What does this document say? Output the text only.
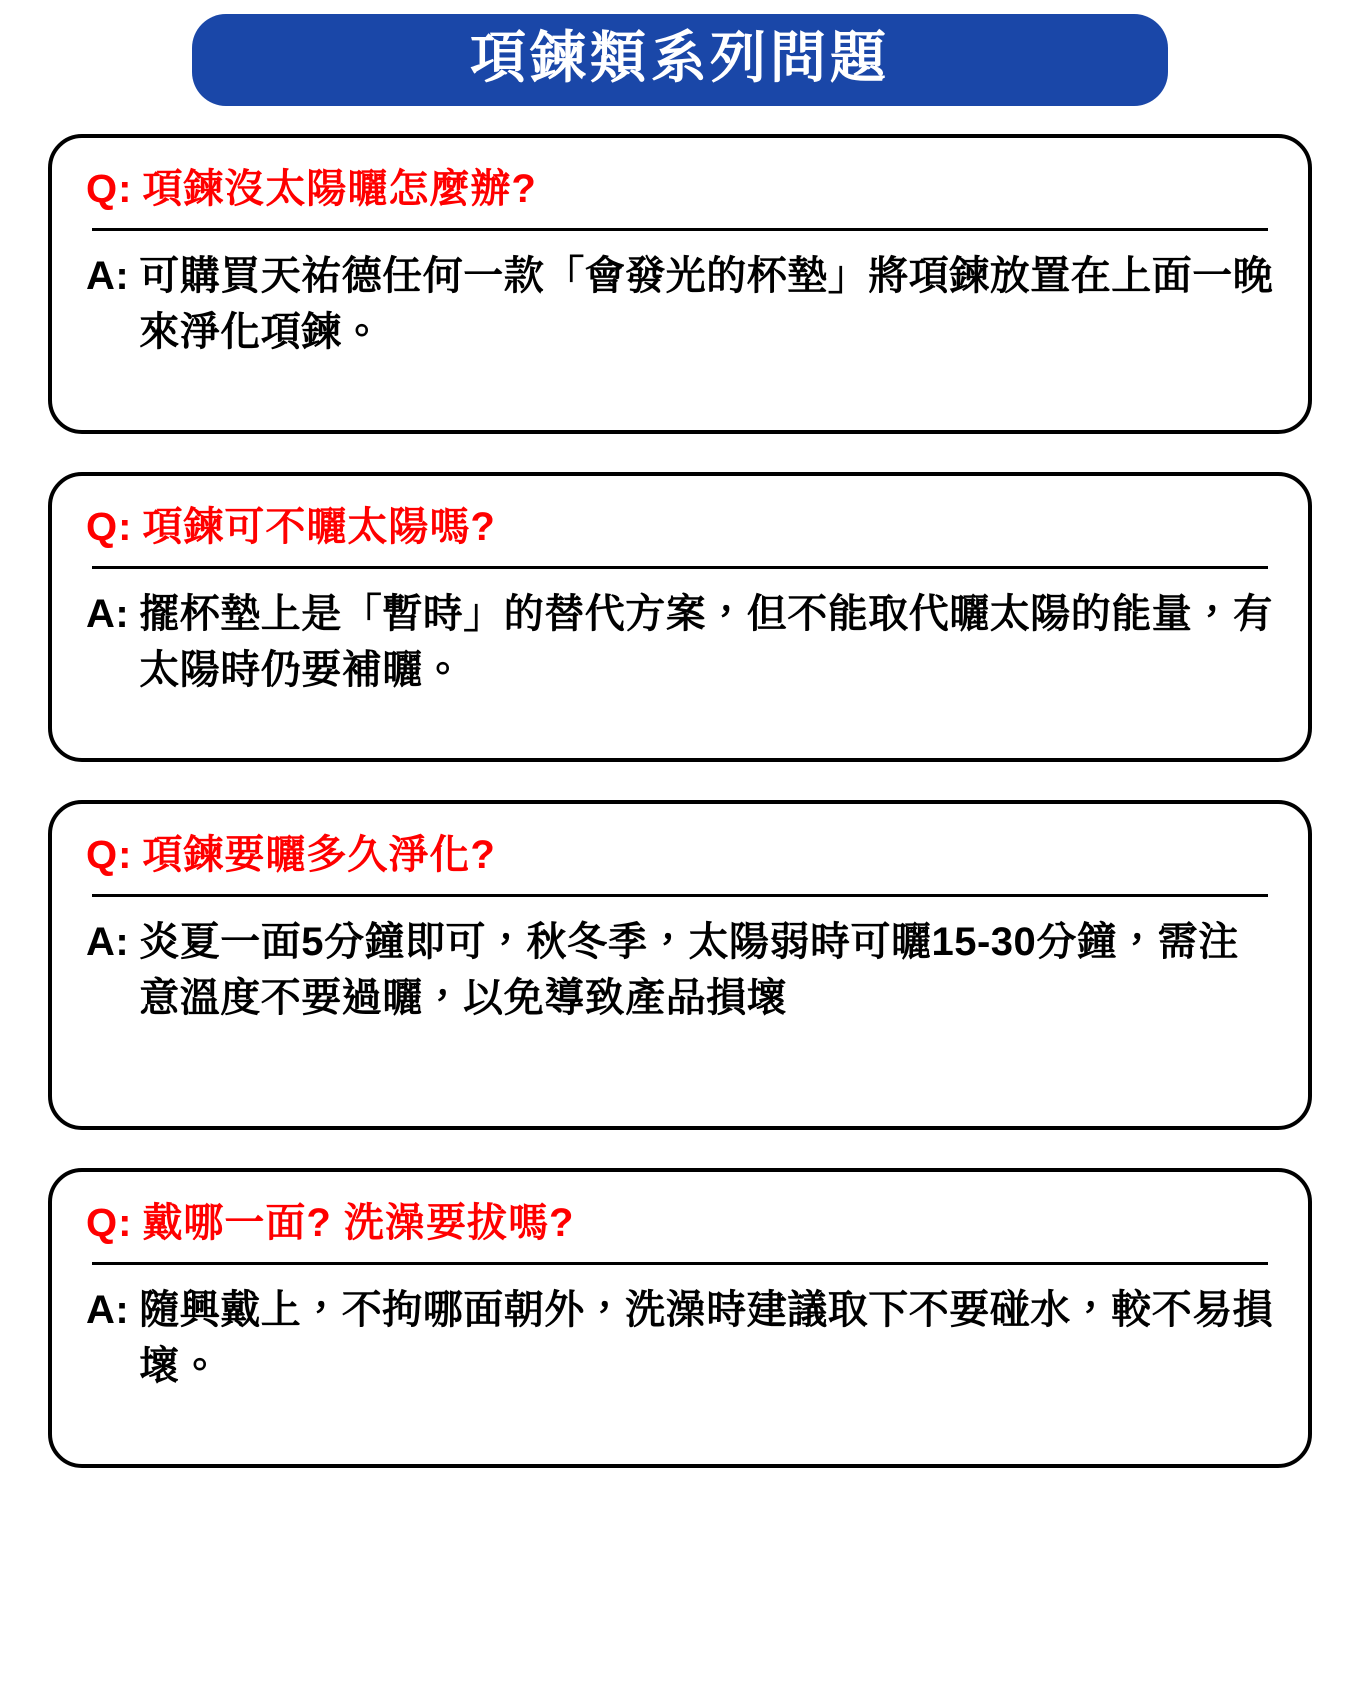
項鍊類系列問題
Q: 項鍊沒太陽曬怎麼辦?
A: 可購買天祐德任何一款「會發光的杯墊」將項鍊放置在上面一晚來淨化項鍊。
Q: 項鍊可不曬太陽嗎?
A: 擺杯墊上是「暫時」的替代方案，但不能取代曬太陽的能量，有太陽時仍要補曬。
Q: 項鍊要曬多久淨化?
A: 炎夏一面5分鐘即可，秋冬季，太陽弱時可曬15-30分鐘，需注意溫度不要過曬，以免導致產品損壞
Q: 戴哪一面? 洗澡要拔嗎?
A: 隨興戴上，不拘哪面朝外，洗澡時建議取下不要碰水，較不易損壞。
